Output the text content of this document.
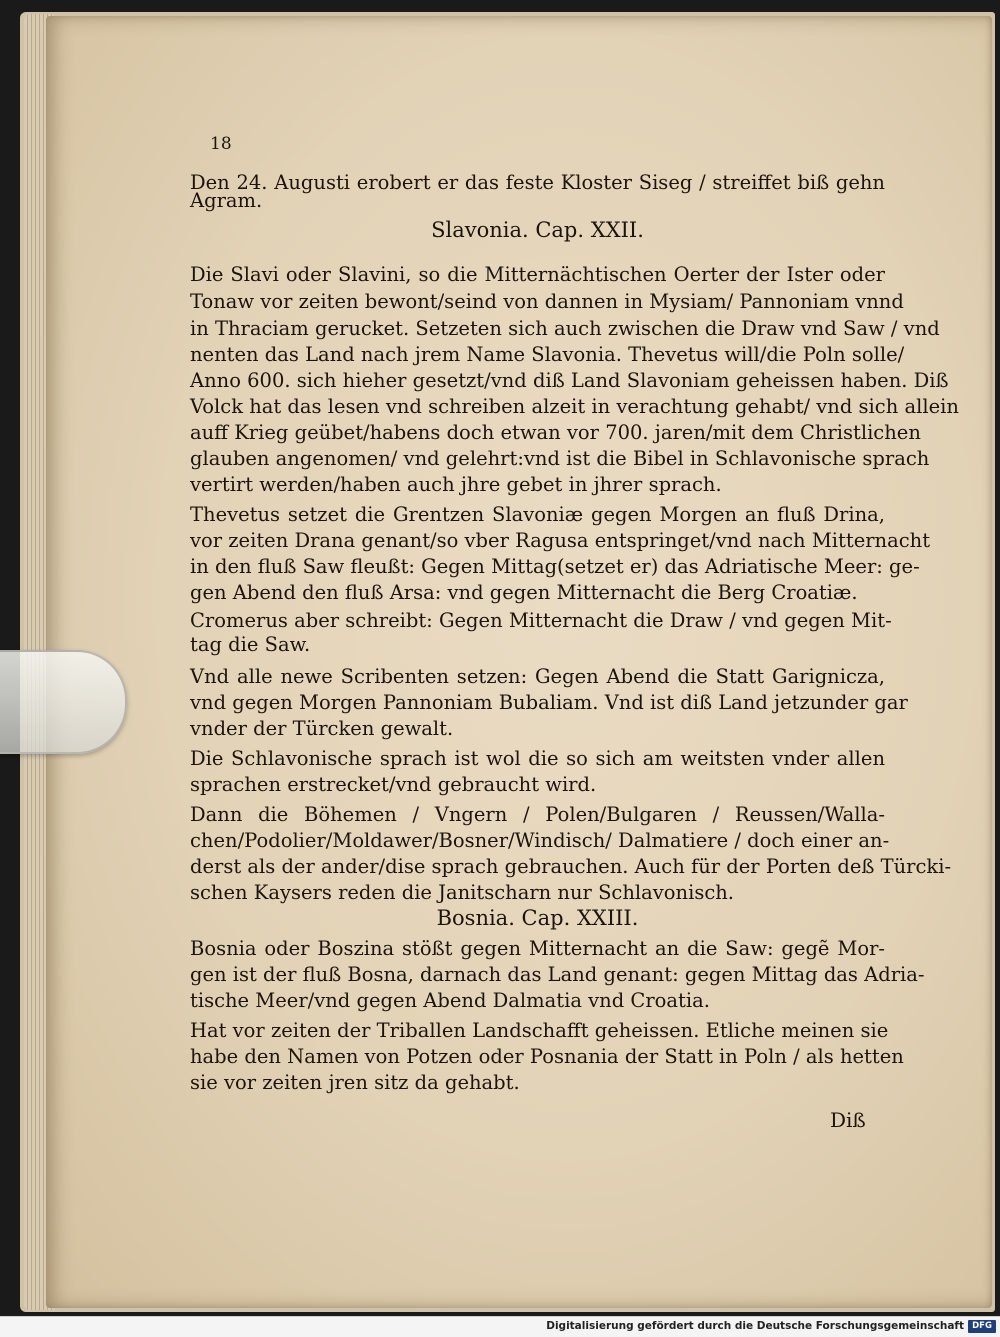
18
Den 24. Augusti erobert er das feste Kloster Siseg / streiffet biß gehn
Agram.
Slavonia. Cap. XXII.
Die Slavi oder Slavini, so die Mitternächtischen Oerter der Ister oder
Tonaw vor zeiten bewont/seind von dannen in Mysiam/ Pannoniam vnnd
in Thraciam gerucket. Setzeten sich auch zwischen die Draw vnd Saw / vnd
nenten das Land nach jrem Name Slavonia. Thevetus will/die Poln solle/
Anno 600. sich hieher gesetzt/vnd diß Land Slavoniam geheissen haben. Diß
Volck hat das lesen vnd schreiben alzeit in verachtung gehabt/ vnd sich allein
auff Krieg geübet/habens doch etwan vor 700. jaren/mit dem Christlichen
glauben angenomen/ vnd gelehrt:vnd ist die Bibel in Schlavonische sprach
vertirt werden/haben auch jhre gebet in jhrer sprach.
Thevetus setzet die Grentzen Slavoniæ gegen Morgen an fluß Drina,
vor zeiten Drana genant/so vber Ragusa entspringet/vnd nach Mitternacht
in den fluß Saw fleußt: Gegen Mittag(setzet er) das Adriatische Meer: ge-
gen Abend den fluß Arsa: vnd gegen Mitternacht die Berg Croatiæ.
Cromerus aber schreibt: Gegen Mitternacht die Draw / vnd gegen Mit-
tag die Saw.
Vnd alle newe Scribenten setzen: Gegen Abend die Statt Garignicza,
vnd gegen Morgen Pannoniam Bubaliam. Vnd ist diß Land jetzunder gar
vnder der Türcken gewalt.
Die Schlavonische sprach ist wol die so sich am weitsten vnder allen
sprachen erstrecket/vnd gebraucht wird.
Dann die Böhemen / Vngern / Polen/Bulgaren / Reussen/Walla-
chen/Podolier/Moldawer/Bosner/Windisch/ Dalmatiere / doch einer an-
derst als der ander/dise sprach gebrauchen. Auch für der Porten deß Türcki-
schen Kaysers reden die Janitscharn nur Schlavonisch.
Bosnia. Cap. XXIII.
Bosnia oder Boszina stößt gegen Mitternacht an die Saw: gegẽ Mor-
gen ist der fluß Bosna, darnach das Land genant: gegen Mittag das Adria-
tische Meer/vnd gegen Abend Dalmatia vnd Croatia.
Hat vor zeiten der Triballen Landschafft geheissen. Etliche meinen sie
habe den Namen von Potzen oder Posnania der Statt in Poln / als hetten
sie vor zeiten jren sitz da gehabt.
Diß
Digitalisierung gefördert durch die Deutsche Forschungsgemeinschaft DFG
